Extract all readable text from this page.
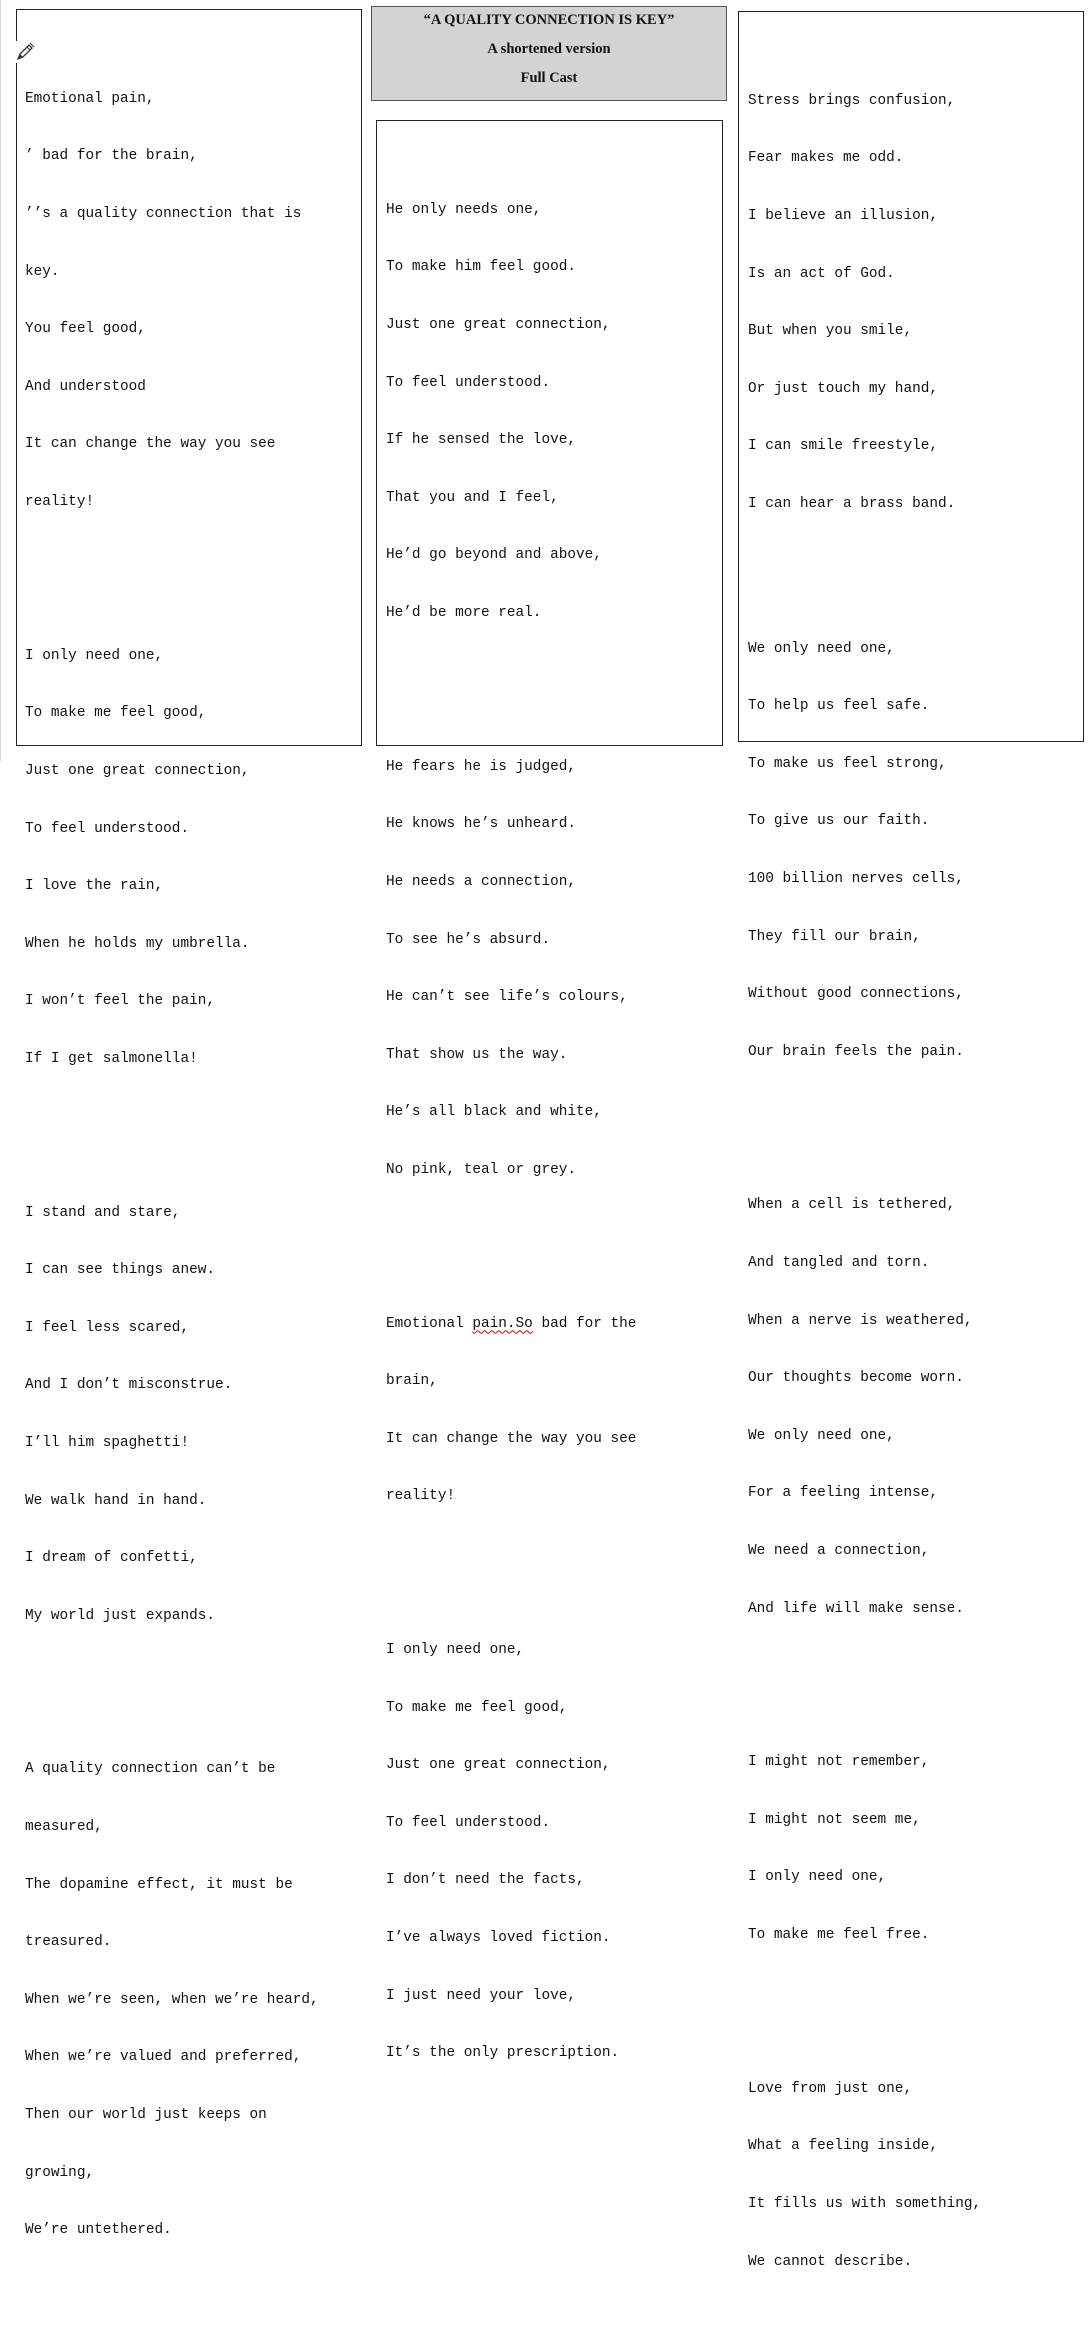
Emotional pain,

’ bad for the brain,

’’s a quality connection that is

key.

You feel good,

And understood

It can change the way you see

reality!

I only need one,

To make me feel good,

Just one great connection,

To feel understood.

I love the rain,

When he holds my umbrella.

I won’t feel the pain,

If I get salmonella!

I stand and stare,

I can see things anew.

I feel less scared,

And I don’t misconstrue.

I’ll him spaghetti!

We walk hand in hand.

I dream of confetti,

My world just expands.

A quality connection can’t be

measured,

The dopamine effect, it must be

treasured.

When we’re seen, when we’re heard,

When we’re valued and preferred,

Then our world just keeps on

growing,

We’re untethered.

“A QUALITY CONNECTION IS KEY”
A shortened version
Full Cast

He only needs one,

To make him feel good.

Just one great connection,

To feel understood.

If he sensed the love,

That you and I feel,

He’d go beyond and above,

He’d be more real.

He fears he is judged,

He knows he’s unheard.

He needs a connection,

To see he’s absurd.

He can’t see life’s colours,

That show us the way.

He’s all black and white,

No pink, teal or grey.

Emotional pain.So bad for the

brain,

It can change the way you see

reality!

I only need one,

To make me feel good,

Just one great connection,

To feel understood.

I don’t need the facts,

I’ve always loved fiction.

I just need your love,

It’s the only prescription.

Stress brings confusion,

Fear makes me odd.

I believe an illusion,

Is an act of God.

But when you smile,

Or just touch my hand,

I can smile freestyle,

I can hear a brass band.

We only need one,

To help us feel safe.

To make us feel strong,

To give us our faith.

100 billion nerves cells,

They fill our brain,

Without good connections,

Our brain feels the pain.

When a cell is tethered,

And tangled and torn.

When a nerve is weathered,

Our thoughts become worn.

We only need one,

For a feeling intense,

We need a connection,

And life will make sense.

I might not remember,

I might not seem me,

I only need one,

To make me feel free.

Love from just one,

What a feeling inside,

It fills us with something,

We cannot describe.
